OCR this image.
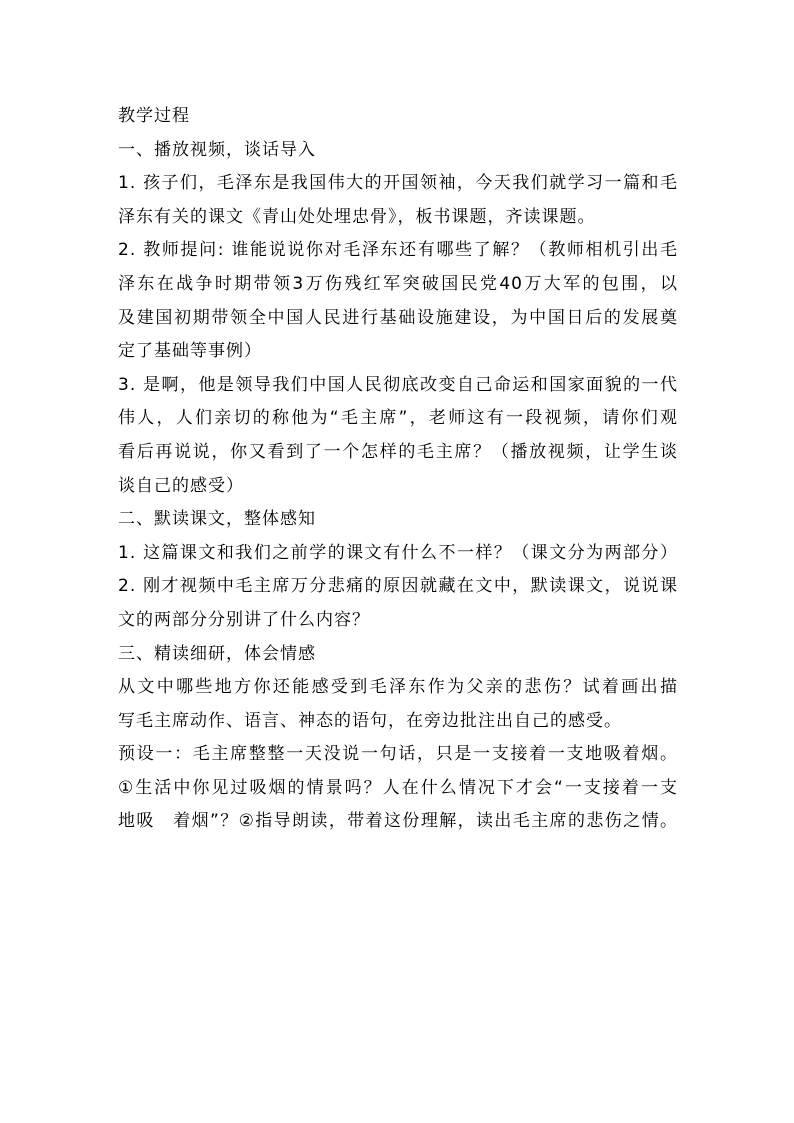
教学过程
一、播放视频，谈话导入
1. 孩子们，毛泽东是我国伟大的开国领袖，今天我们就学习一篇和毛
泽东有关的课文《青山处处埋忠骨》，板书课题，齐读课题。
2. 教师提问: 谁能说说你对毛泽东还有哪些了解？（教师相机引出毛
泽东在战争时期带领3万伤残红军突破国民党40万大军的包围，以
及建国初期带领全中国人民进行基础设施建设，为中国日后的发展奠
定了基础等事例）
3. 是啊，他是领导我们中国人民彻底改变自己命运和国家面貌的一代
伟人，人们亲切的称他为“毛主席”，老师这有一段视频，请你们观
看后再说说，你又看到了一个怎样的毛主席？（播放视频，让学生谈
谈自己的感受）
二、默读课文，整体感知
1. 这篇课文和我们之前学的课文有什么不一样？（课文分为两部分）
2. 刚才视频中毛主席万分悲痛的原因就藏在文中，默读课文，说说课
文的两部分分别讲了什么内容？
三、精读细研，体会情感
从文中哪些地方你还能感受到毛泽东作为父亲的悲伤？试着画出描
写毛主席动作、语言、神态的语句，在旁边批注出自己的感受。
预设一：毛主席整整一天没说一句话，只是一支接着一支地吸着烟。
①生活中你见过吸烟的情景吗？人在什么情况下才会“一支接着一支
地吸　着烟”？②指导朗读，带着这份理解，读出毛主席的悲伤之情。
